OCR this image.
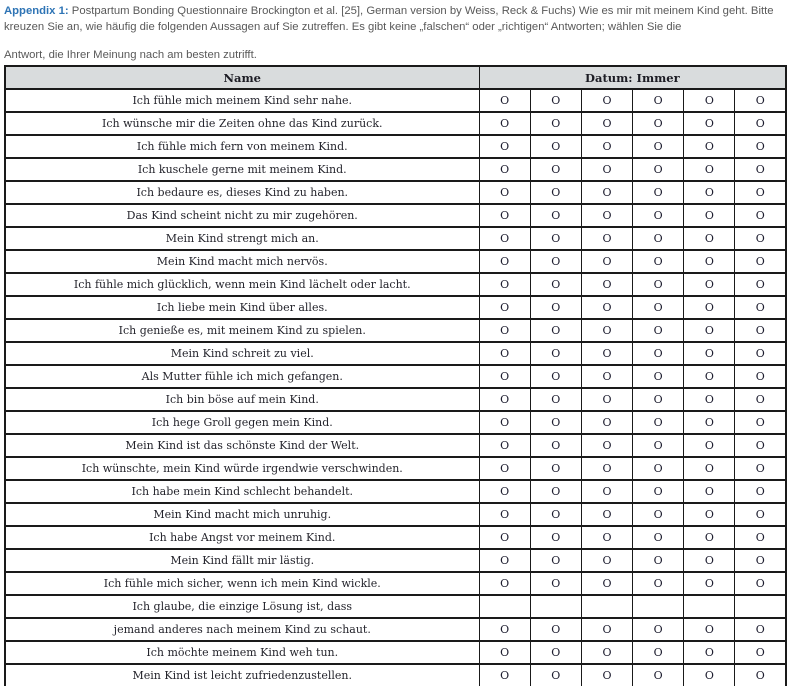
Appendix 1: Postpartum Bonding Questionnaire Brockington et al. [25], German version by Weiss, Reck & Fuchs) Wie es mir mit meinem Kind geht. Bitte kreuzen Sie an, wie häufig die folgenden Aussagen auf Sie zutreffen. Es gibt keine „falschen“ oder „richtigen“ Antworten; wählen Sie die

Antwort, die Ihrer Meinung nach am besten zutrifft.

Name	Datum: Immer					
Ich fühle mich meinem Kind sehr nahe.	O	O	O	O	O	O
Ich wünsche mir die Zeiten ohne das Kind zurück.	O	O	O	O	O	O
Ich fühle mich fern von meinem Kind.	O	O	O	O	O	O
Ich kuschele gerne mit meinem Kind.	O	O	O	O	O	O
Ich bedaure es, dieses Kind zu haben.	O	O	O	O	O	O
Das Kind scheint nicht zu mir zugehören.	O	O	O	O	O	O
Mein Kind strengt mich an.	O	O	O	O	O	O
Mein Kind macht mich nervös.	O	O	O	O	O	O
Ich fühle mich glücklich, wenn mein Kind lächelt oder lacht.	O	O	O	O	O	O
Ich liebe mein Kind über alles.	O	O	O	O	O	O
Ich genieße es, mit meinem Kind zu spielen.	O	O	O	O	O	O
Mein Kind schreit zu viel.	O	O	O	O	O	O
Als Mutter fühle ich mich gefangen.	O	O	O	O	O	O
Ich bin böse auf mein Kind.	O	O	O	O	O	O
Ich hege Groll gegen mein Kind.	O	O	O	O	O	O
Mein Kind ist das schönste Kind der Welt.	O	O	O	O	O	O
Ich wünschte, mein Kind würde irgendwie verschwinden.	O	O	O	O	O	O
Ich habe mein Kind schlecht behandelt.	O	O	O	O	O	O
Mein Kind macht mich unruhig.	O	O	O	O	O	O
Ich habe Angst vor meinem Kind.	O	O	O	O	O	O
Mein Kind fällt mir lästig.	O	O	O	O	O	O
Ich fühle mich sicher, wenn ich mein Kind wickle.	O	O	O	O	O	O
Ich glaube, die einzige Lösung ist, dass						
jemand anderes nach meinem Kind zu schaut.	O	O	O	O	O	O
Ich möchte meinem Kind weh tun.	O	O	O	O	O	O
Mein Kind ist leicht zufriedenzustellen.	O	O	O	O	O	O
